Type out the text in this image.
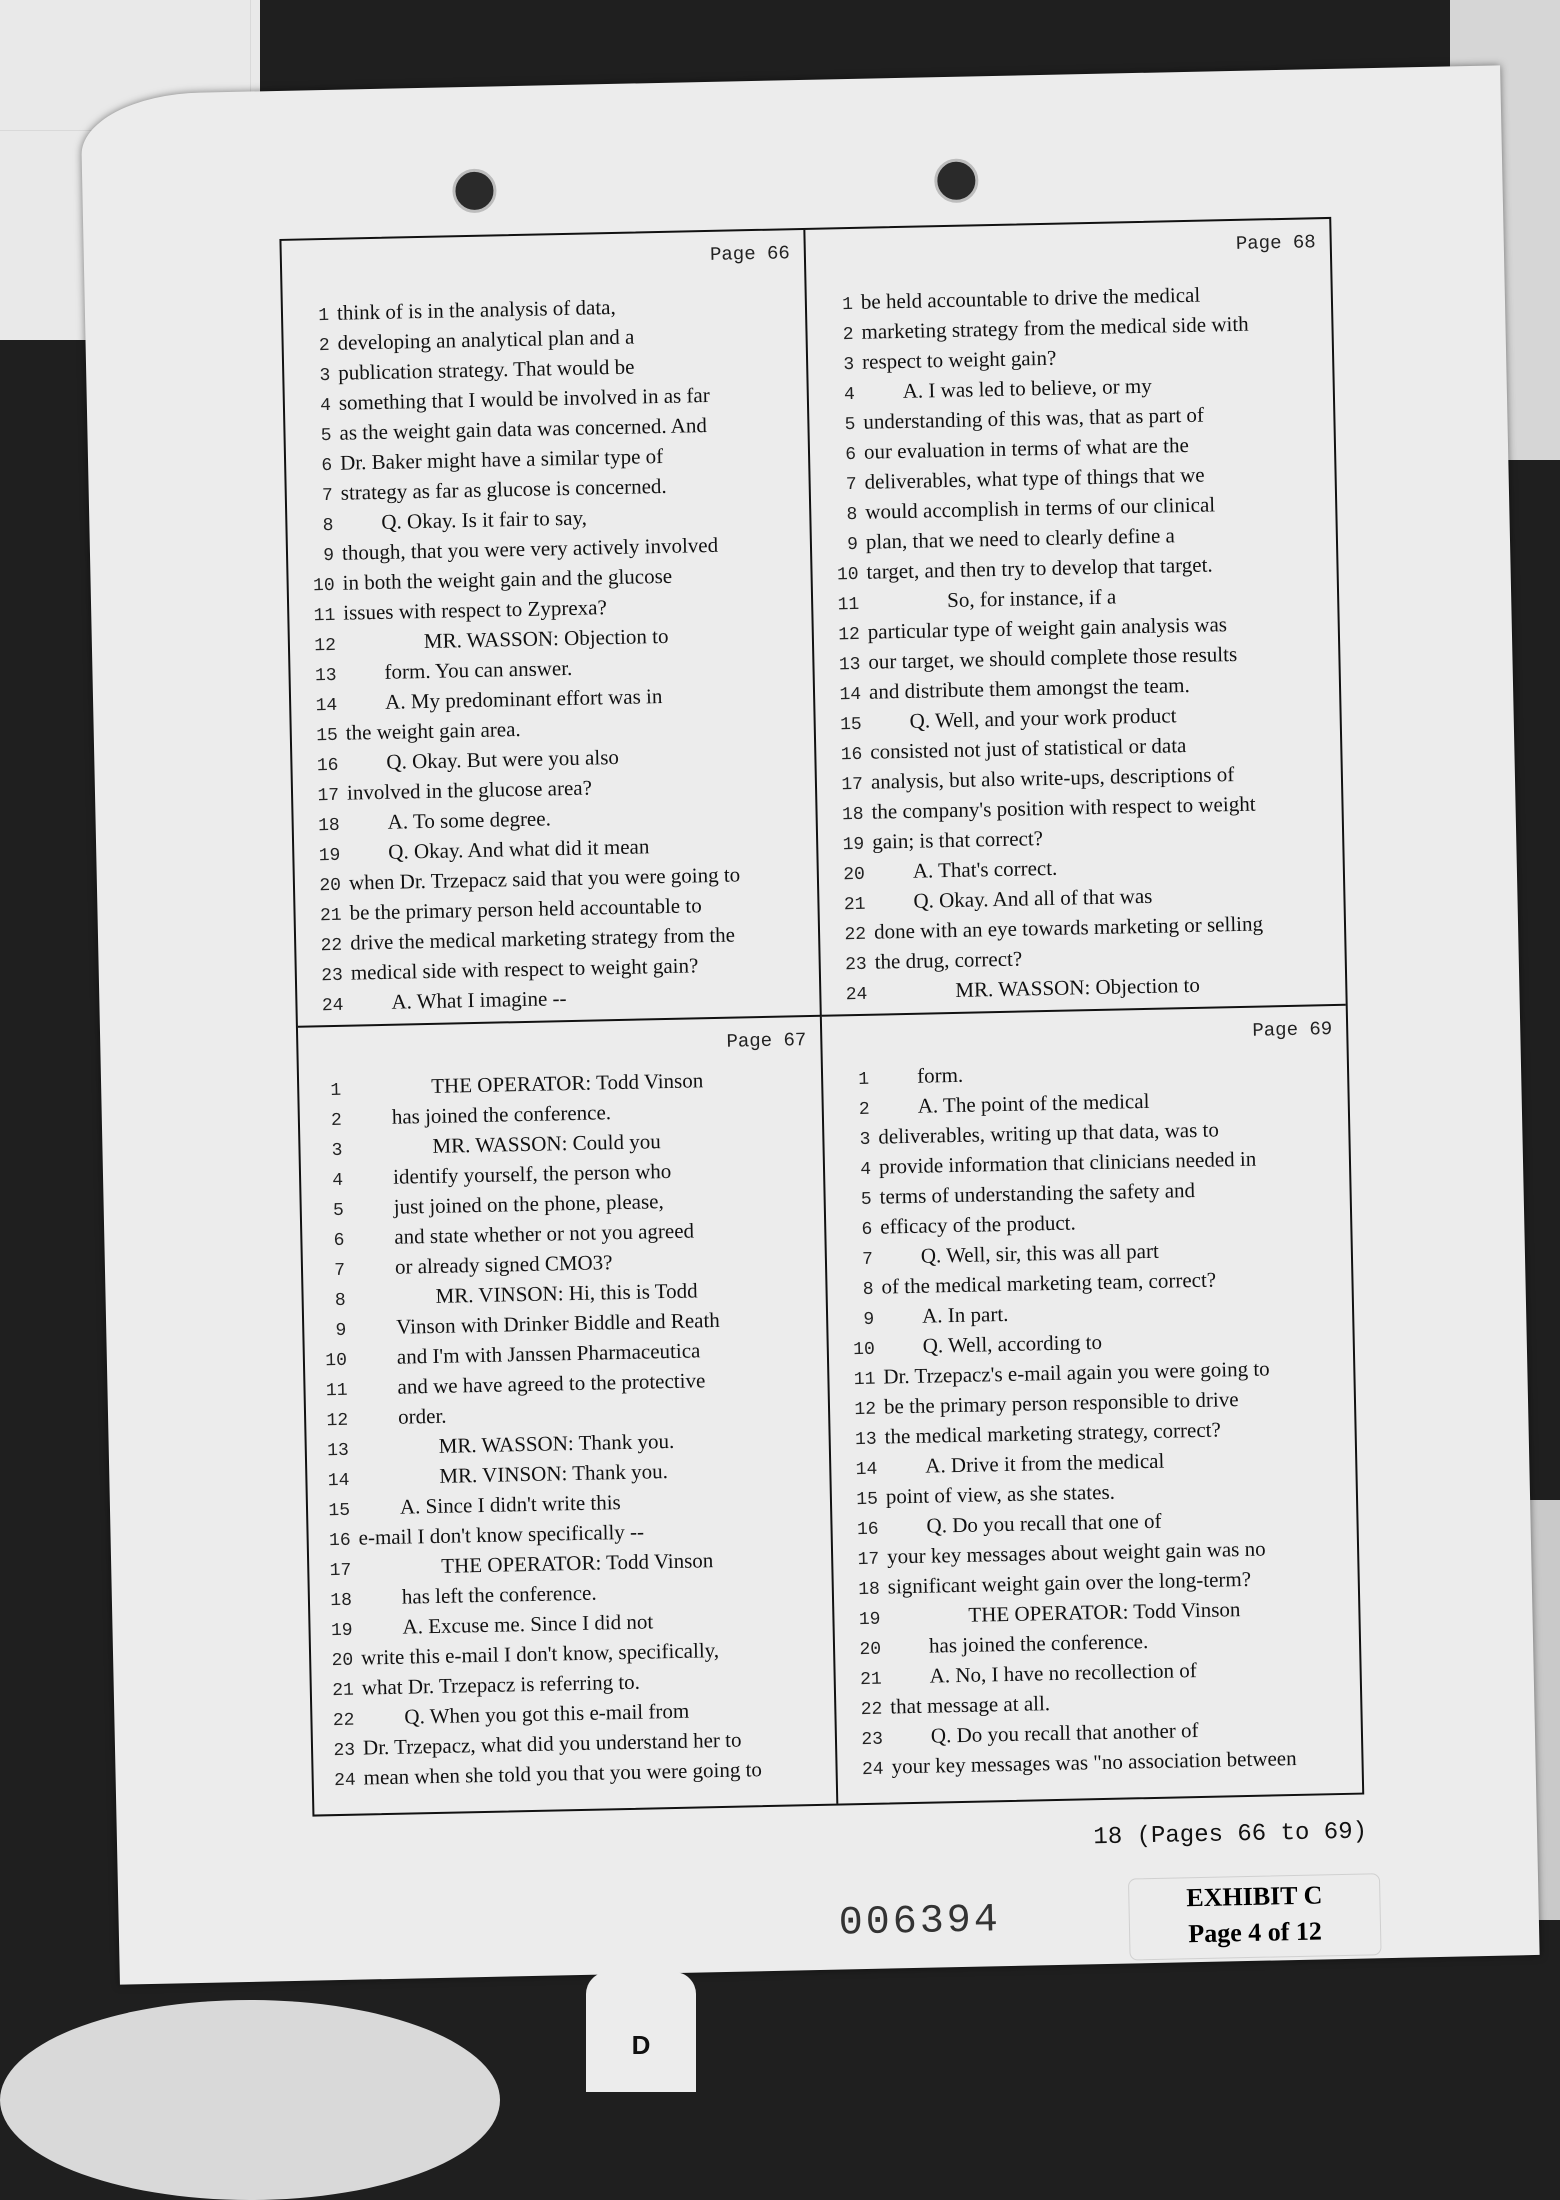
Page 66
1 think of is in the analysis of data,
2 developing an analytical plan and a
3 publication strategy. That would be
4 something that I would be involved in as far
5 as the weight gain data was concerned. And
6 Dr. Baker might have a similar type of
7 strategy as far as glucose is concerned.
8	Q. Okay. Is it fair to say,
9 though, that you were very actively involved
10 in both the weight gain and the glucose
11 issues with respect to Zyprexa?
12	MR. WASSON: Objection to
13	form. You can answer.
14	A. My predominant effort was in
15 the weight gain area.
16	Q. Okay. But were you also
17 involved in the glucose area?
18	A. To some degree.
19	Q. Okay. And what did it mean
20 when Dr. Trzepacz said that you were going to
21 be the primary person held accountable to
22 drive the medical marketing strategy from the
23 medical side with respect to weight gain?
24	A. What I imagine --
Page 68
1 be held accountable to drive the medical
2 marketing strategy from the medical side with
3 respect to weight gain?
4	A. I was led to believe, or my
5 understanding of this was, that as part of
6 our evaluation in terms of what are the
7 deliverables, what type of things that we
8 would accomplish in terms of our clinical
9 plan, that we need to clearly define a
10 target, and then try to develop that target.
11	So, for instance, if a
12 particular type of weight gain analysis was
13 our target, we should complete those results
14 and distribute them amongst the team.
15	Q. Well, and your work product
16 consisted not just of statistical or data
17 analysis, but also write-ups, descriptions of
18 the company's position with respect to weight
19 gain; is that correct?
20	A. That's correct.
21	Q. Okay. And all of that was
22 done with an eye towards marketing or selling
23 the drug, correct?
24	MR. WASSON: Objection to
Page 67
1	THE OPERATOR: Todd Vinson
2 has joined the conference.
3	MR. WASSON: Could you
4 identify yourself, the person who
5 just joined on the phone, please,
6 and state whether or not you agreed
7 or already signed CMO3?
8	MR. VINSON: Hi, this is Todd
9 Vinson with Drinker Biddle and Reath
10 and I'm with Janssen Pharmaceutica
11 and we have agreed to the protective
12 order.
13	MR. WASSON: Thank you.
14	MR. VINSON: Thank you.
15 A. Since I didn't write this
16 e-mail I don't know specifically --
17	THE OPERATOR: Todd Vinson
18 has left the conference.
19 A. Excuse me. Since I did not
20 write this e-mail I don't know, specifically,
21 what Dr. Trzepacz is referring to.
22 Q. When you got this e-mail from
23 Dr. Trzepacz, what did you understand her to
24 mean when she told you that you were going to
Page 69
1	form.
2	A. The point of the medical
3 deliverables, writing up that data, was to
4 provide information that clinicians needed in
5 terms of understanding the safety and
6 efficacy of the product.
7	Q. Well, sir, this was all part
8 of the medical marketing team, correct?
9	A. In part.
10	Q. Well, according to
11 Dr. Trzepacz's e-mail again you were going to
12 be the primary person responsible to drive
13 the medical marketing strategy, correct?
14	A. Drive it from the medical
15 point of view, as she states.
16	Q. Do you recall that one of
17 your key messages about weight gain was no
18 significant weight gain over the long-term?
19	THE OPERATOR: Todd Vinson
20	has joined the conference.
21	A. No, I have no recollection of
22 that message at all.
23	Q. Do you recall that another of
24 your key messages was "no association between
18 (Pages 66 to 69)
006394
EXHIBIT C
Page 4 of 12
D
